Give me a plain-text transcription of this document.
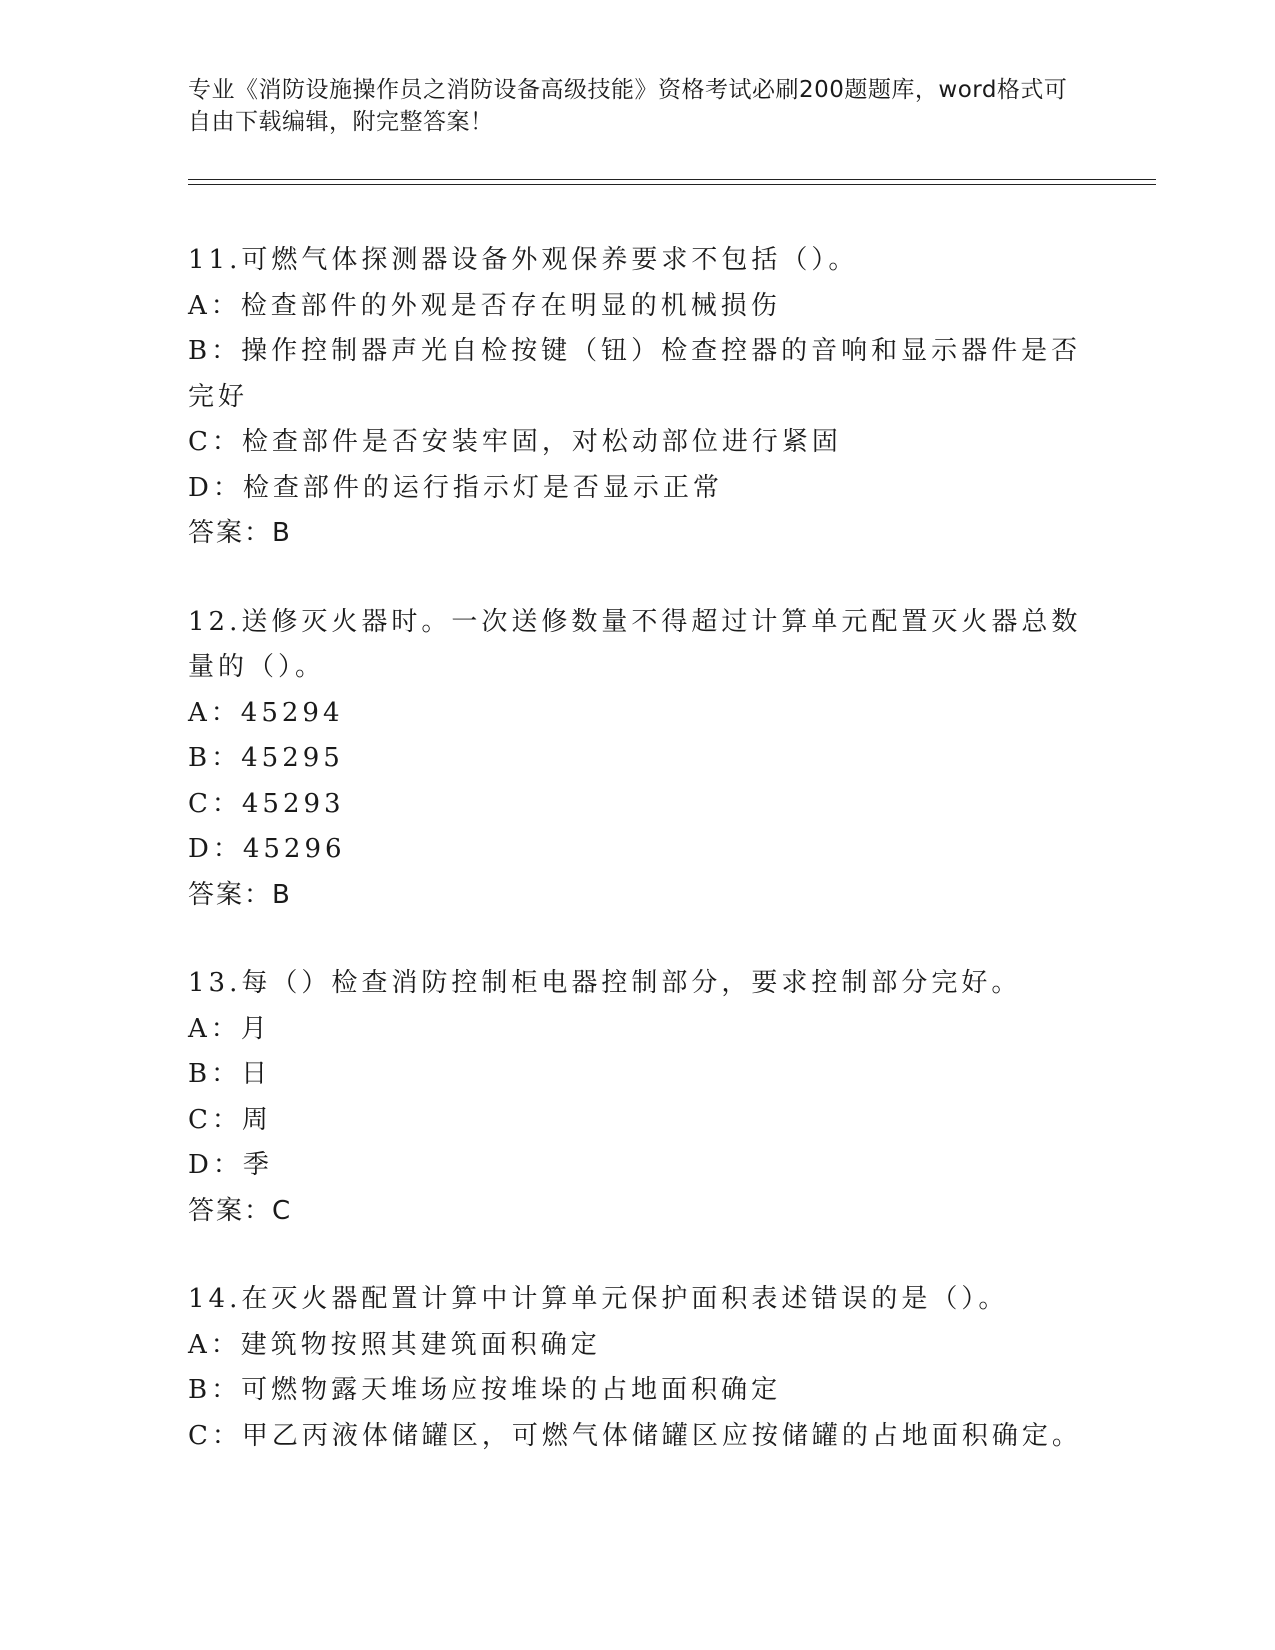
专业《消防设施操作员之消防设备高级技能》资格考试必刷200题题库，word格式可自由下载编辑，附完整答案！
11.可燃气体探测器设备外观保养要求不包括（）。
A：检查部件的外观是否存在明显的机械损伤
B：操作控制器声光自检按键（钮）检查控器的音响和显示器件是否完好
C：检查部件是否安装牢固，对松动部位进行紧固
D：检查部件的运行指示灯是否显示正常
答案：B
12.送修灭火器时。一次送修数量不得超过计算单元配置灭火器总数量的（）。
A：45294
B：45295
C：45293
D：45296
答案：B
13.每（）检查消防控制柜电器控制部分，要求控制部分完好。
A：月
B：日
C：周
D：季
答案：C
14.在灭火器配置计算中计算单元保护面积表述错误的是（）。
A：建筑物按照其建筑面积确定
B：可燃物露天堆场应按堆垛的占地面积确定
C：甲乙丙液体储罐区，可燃气体储罐区应按储罐的占地面积确定。
